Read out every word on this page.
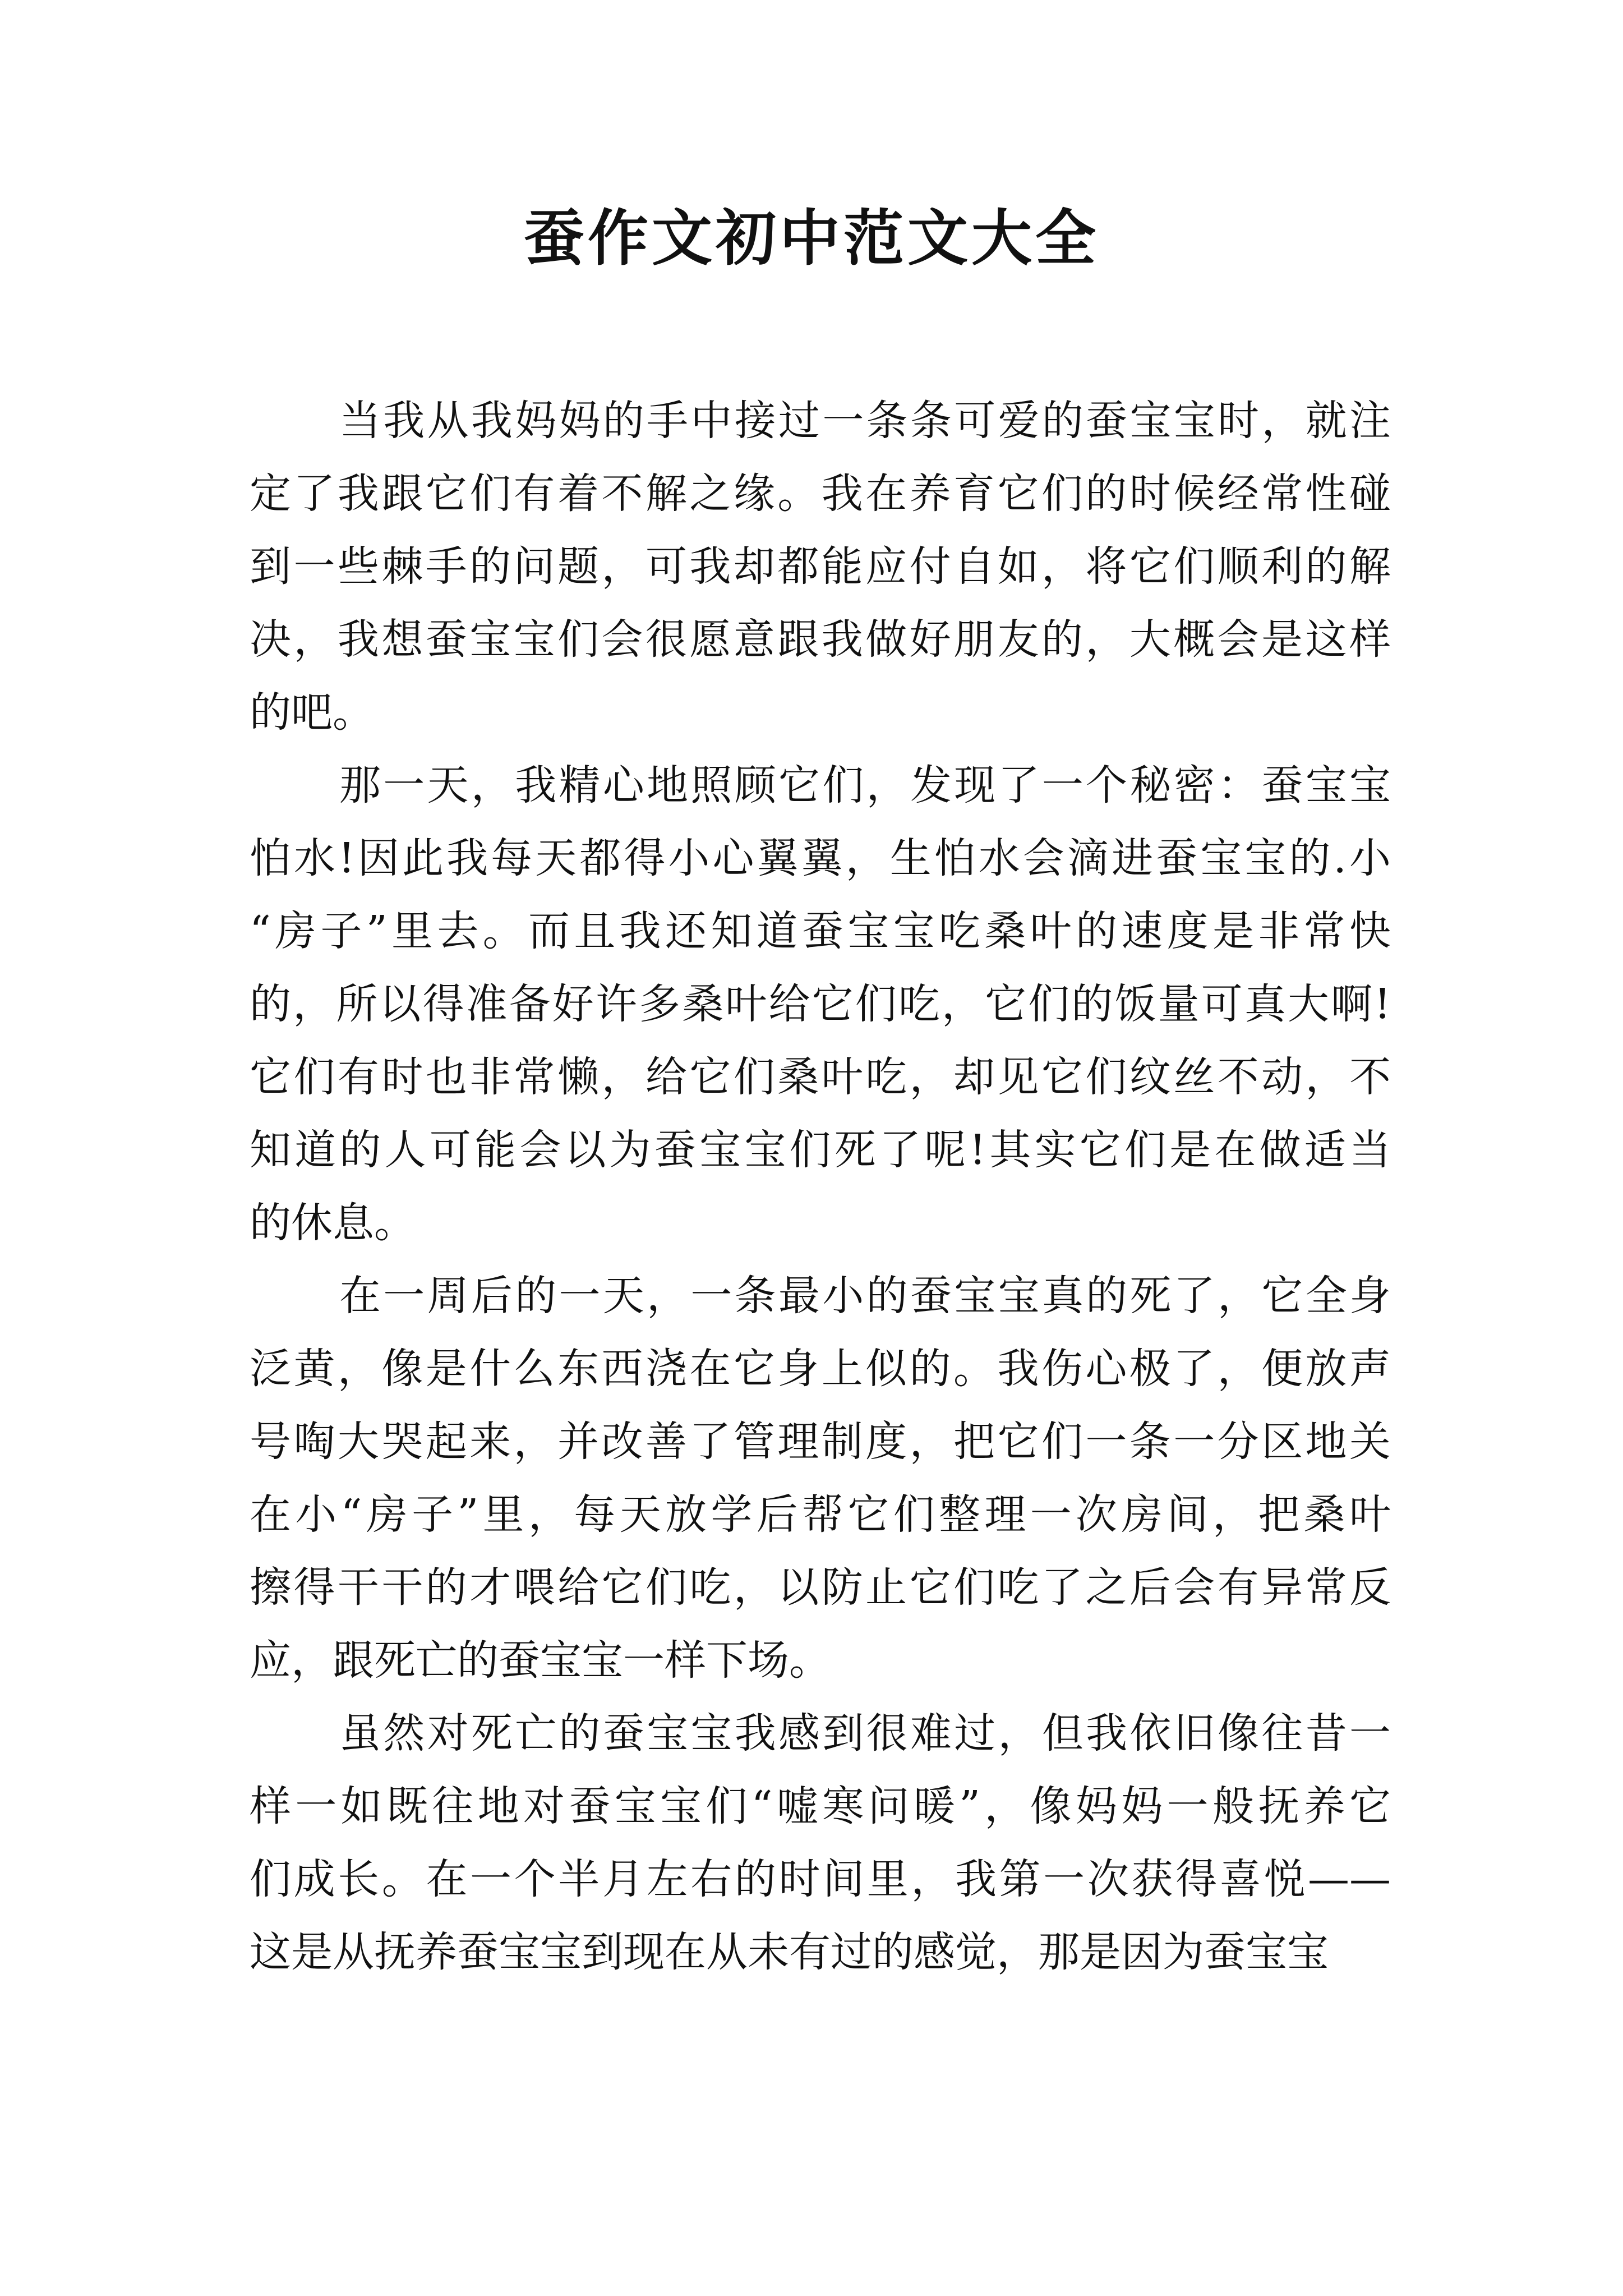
蚕作文初中范文大全
当我从我妈妈的手中接过一条条可爱的蚕宝宝时，就注
定了我跟它们有着不解之缘。我在养育它们的时候经常性碰
到一些棘手的问题，可我却都能应付自如，将它们顺利的解
决，我想蚕宝宝们会很愿意跟我做好朋友的，大概会是这样
的吧。
那一天，我精心地照顾它们，发现了一个秘密：蚕宝宝
怕水!因此我每天都得小心翼翼，生怕水会滴进蚕宝宝的.小
“房子”里去。而且我还知道蚕宝宝吃桑叶的速度是非常快
的，所以得准备好许多桑叶给它们吃，它们的饭量可真大啊!
它们有时也非常懒，给它们桑叶吃，却见它们纹丝不动，不
知道的人可能会以为蚕宝宝们死了呢!其实它们是在做适当
的休息。
在一周后的一天，一条最小的蚕宝宝真的死了，它全身
泛黄，像是什么东西浇在它身上似的。我伤心极了，便放声
号啕大哭起来，并改善了管理制度，把它们一条一分区地关
在小“房子”里，每天放学后帮它们整理一次房间，把桑叶
擦得干干的才喂给它们吃，以防止它们吃了之后会有异常反
应，跟死亡的蚕宝宝一样下场。
虽然对死亡的蚕宝宝我感到很难过，但我依旧像往昔一
样一如既往地对蚕宝宝们“嘘寒问暖”，像妈妈一般抚养它
们成长。在一个半月左右的时间里，我第一次获得喜悦——
这是从抚养蚕宝宝到现在从未有过的感觉，那是因为蚕宝宝
